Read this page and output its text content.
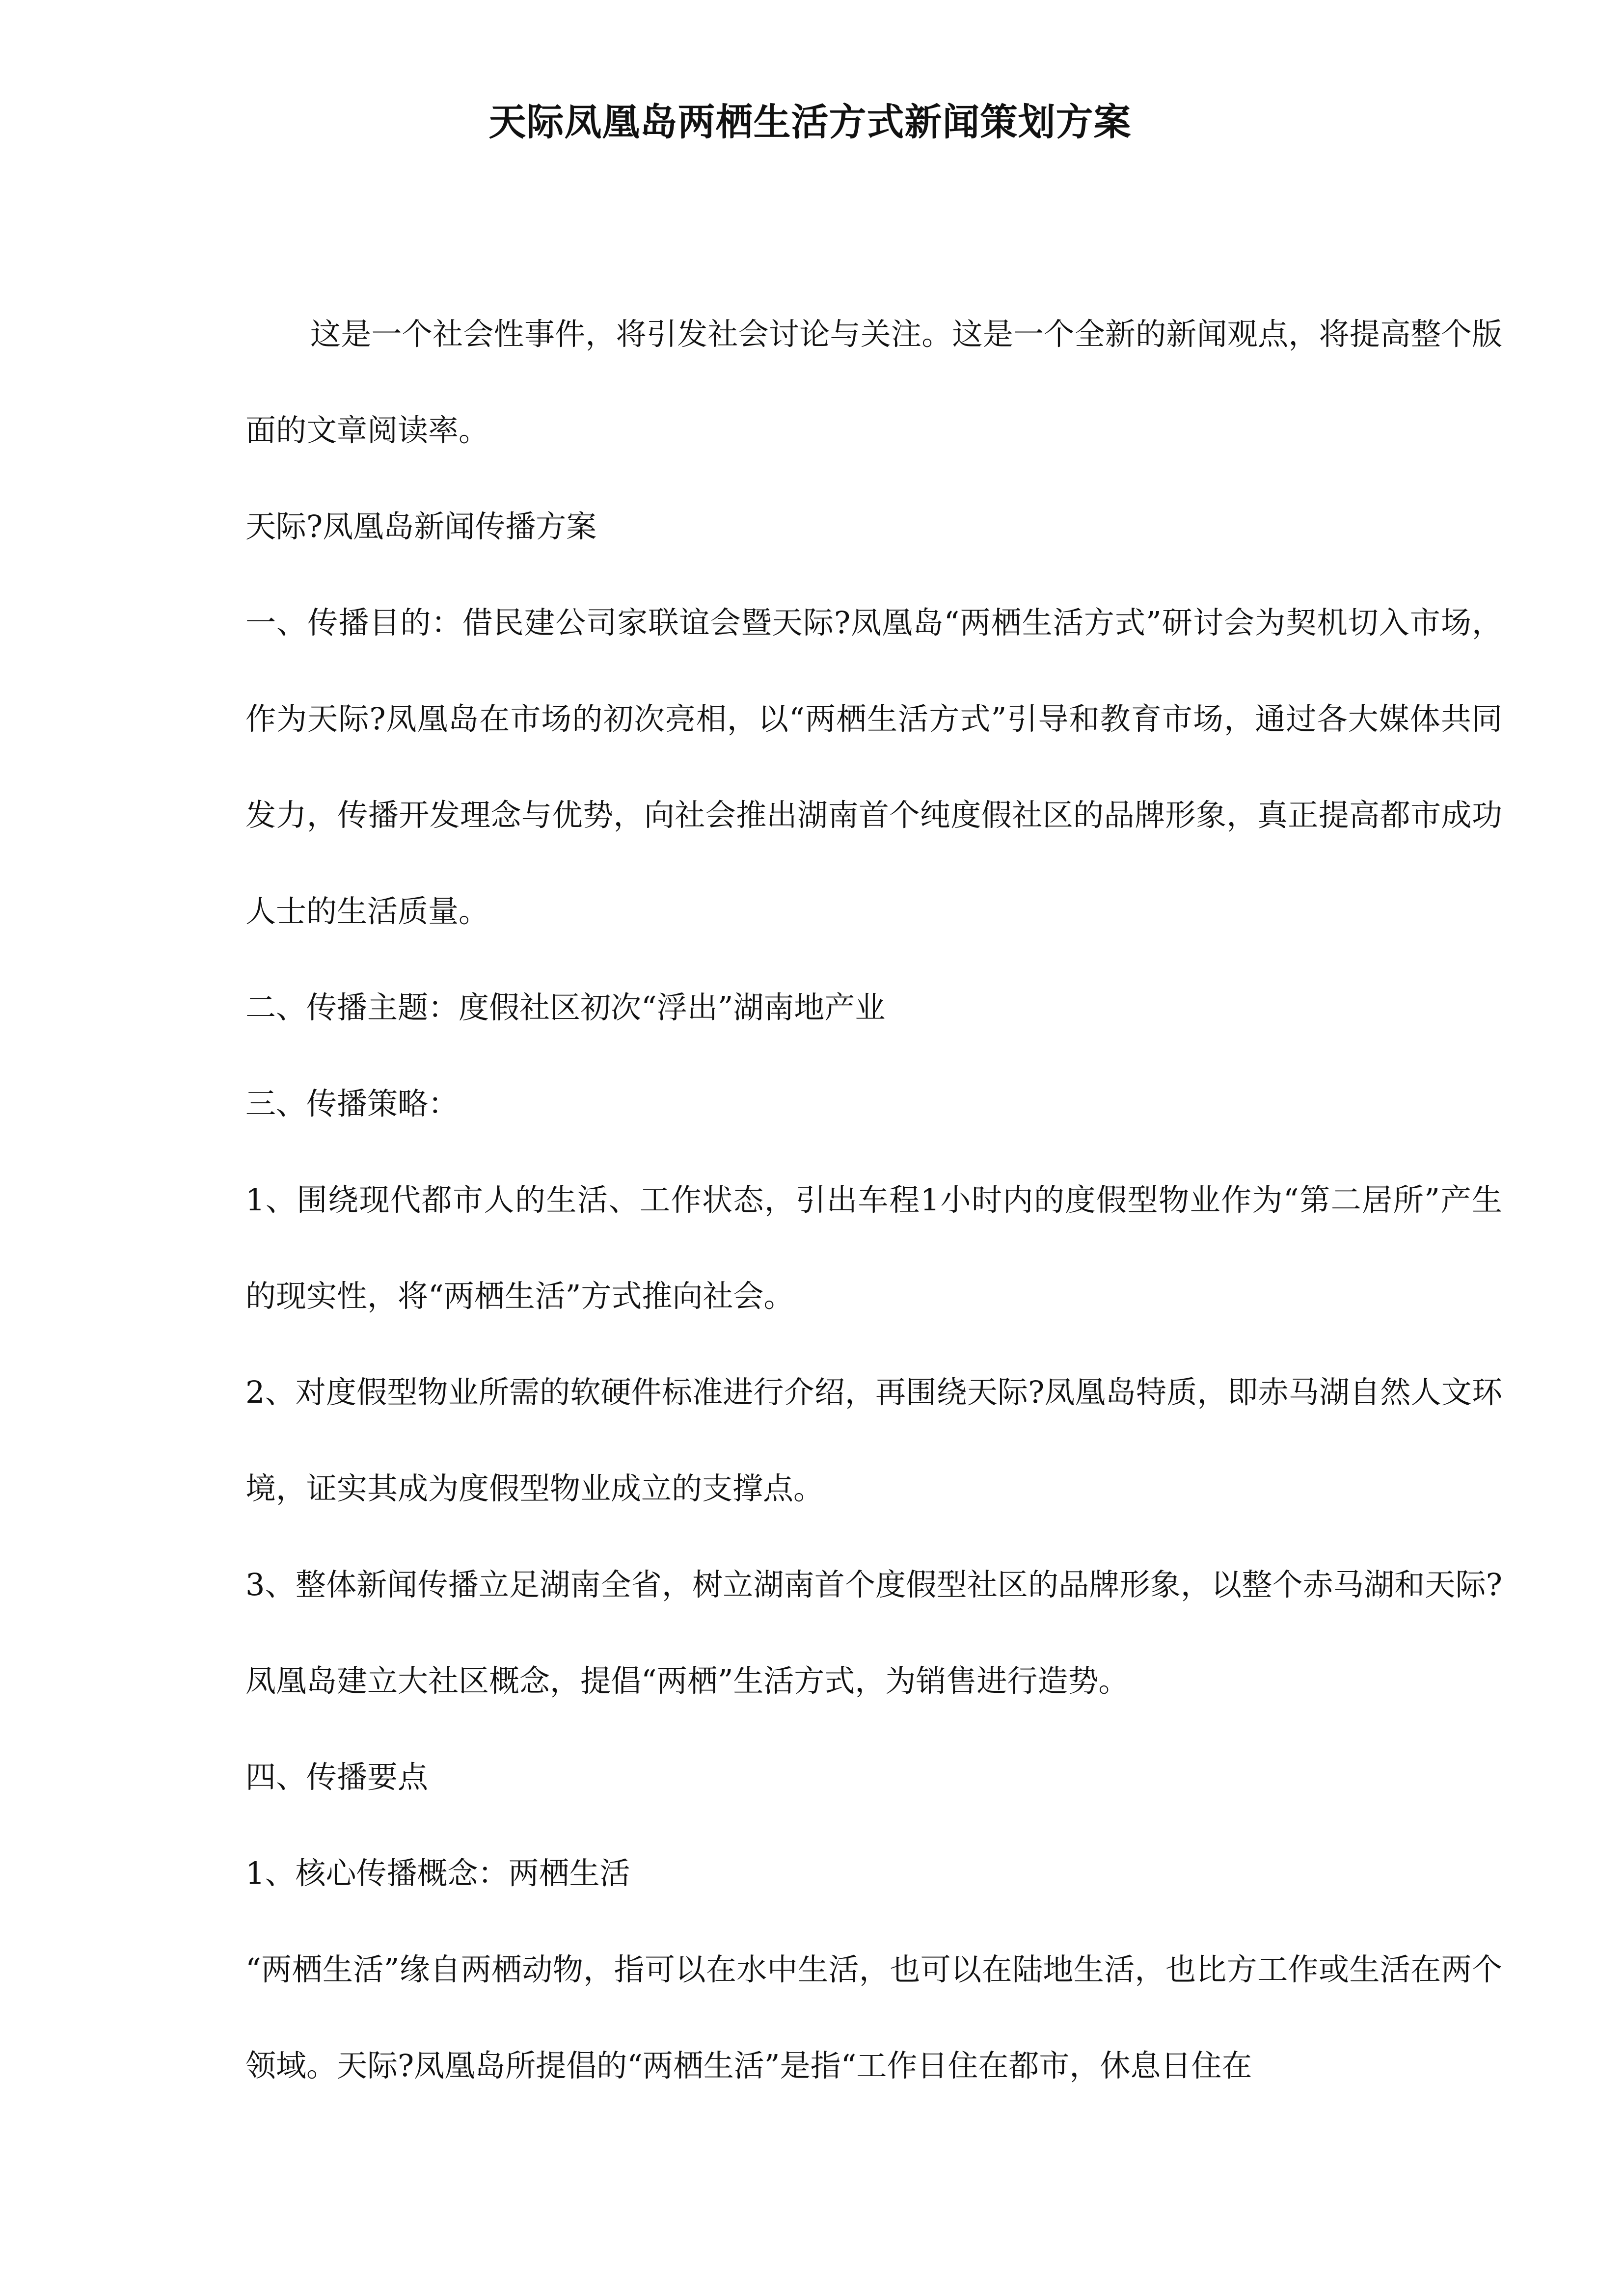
天际凤凰岛两栖生活方式新闻策划方案

这是一个社会性事件，将引发社会讨论与关注。这是一个全新的新闻观点，将提高整个版面的文章阅读率。

天际?凤凰岛新闻传播方案

一、传播目的：借民建公司家联谊会暨天际?凤凰岛“两栖生活方式”研讨会为契机切入市场，作为天际?凤凰岛在市场的初次亮相，以“两栖生活方式”引导和教育市场，通过各大媒体共同发力，传播开发理念与优势，向社会推出湖南首个纯度假社区的品牌形象，真正提高都市成功人士的生活质量。

二、传播主题：度假社区初次“浮出”湖南地产业

三、传播策略：

1、围绕现代都市人的生活、工作状态，引出车程1小时内的度假型物业作为“第二居所”产生的现实性，将“两栖生活”方式推向社会。

2、对度假型物业所需的软硬件标准进行介绍，再围绕天际?凤凰岛特质，即赤马湖自然人文环境，证实其成为度假型物业成立的支撑点。

3、整体新闻传播立足湖南全省，树立湖南首个度假型社区的品牌形象，以整个赤马湖和天际?凤凰岛建立大社区概念，提倡“两栖”生活方式，为销售进行造势。

四、传播要点

1、核心传播概念：两栖生活

“两栖生活”缘自两栖动物，指可以在水中生活，也可以在陆地生活，也比方工作或生活在两个领域。天际?凤凰岛所提倡的“两栖生活”是指“工作日住在都市，休息日住在
